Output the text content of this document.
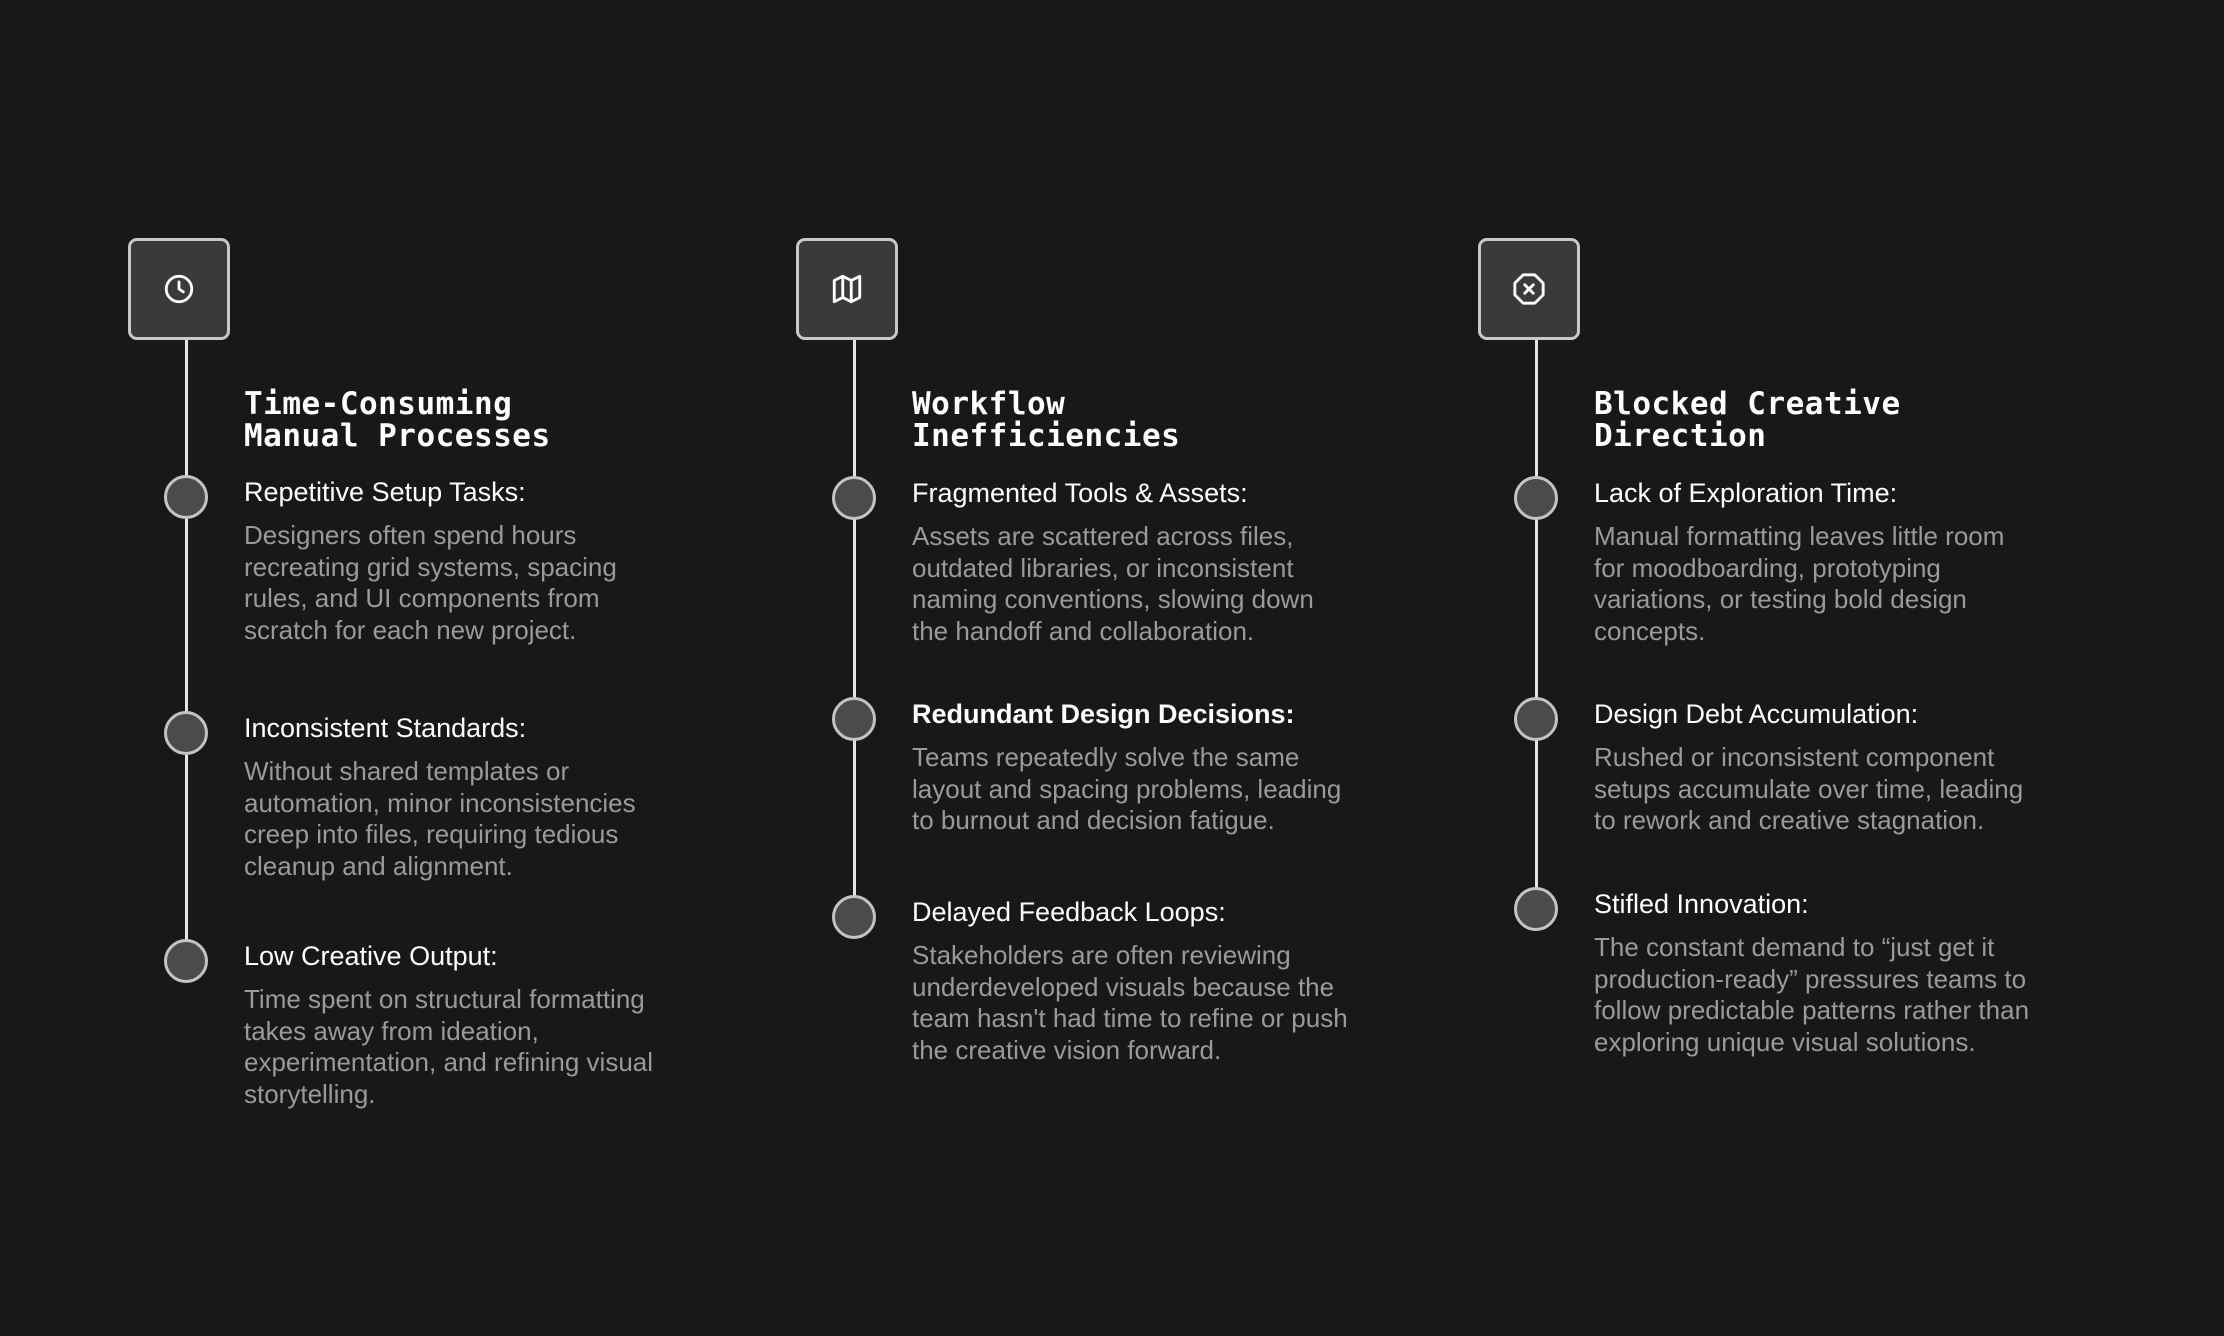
Time-Consuming
Manual Processes

Repetitive Setup Tasks:

Designers often spend hours
recreating grid systems, spacing
rules, and UI components from
scratch for each new project.

Inconsistent Standards:

Without shared templates or
automation, minor inconsistencies
creep into files, requiring tedious
cleanup and alignment.

Low Creative Output:

Time spent on structural formatting
takes away from ideation,
experimentation, and refining visual
storytelling.

Workflow
Inefficiencies

Fragmented Tools & Assets:

Assets are scattered across files,
outdated libraries, or inconsistent
naming conventions, slowing down
the handoff and collaboration.

Redundant Design Decisions:

Teams repeatedly solve the same
layout and spacing problems, leading
to burnout and decision fatigue.

Delayed Feedback Loops:

Stakeholders are often reviewing
underdeveloped visuals because the
team hasn't had time to refine or push
the creative vision forward.

Blocked Creative
Direction

Lack of Exploration Time:

Manual formatting leaves little room
for moodboarding, prototyping
variations, or testing bold design
concepts.

Design Debt Accumulation:

Rushed or inconsistent component
setups accumulate over time, leading
to rework and creative stagnation.

Stifled Innovation:

The constant demand to “just get it
production-ready” pressures teams to
follow predictable patterns rather than
exploring unique visual solutions.
